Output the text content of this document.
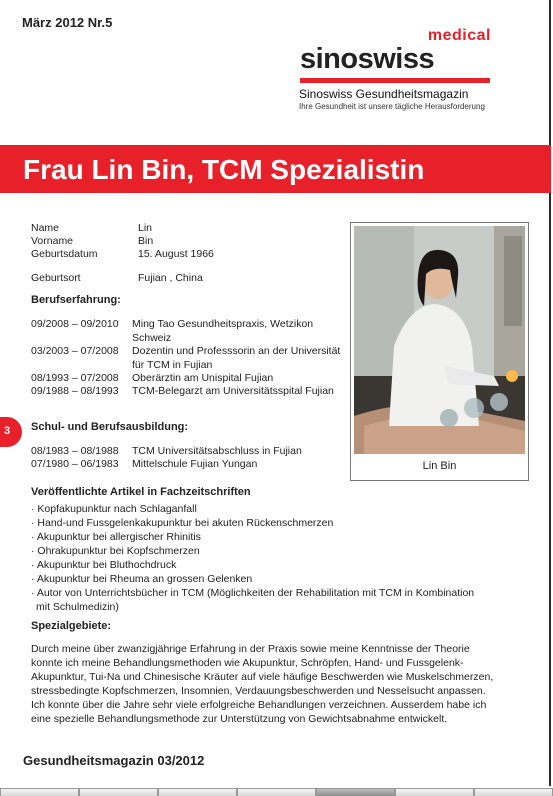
März 2012 Nr.5
medical
sinoswiss
Sinoswiss Gesundheitsmagazin
Ihre Gesundheit ist unsere tägliche Herausforderung
Frau Lin Bin, TCM Spezialistin
Name	Lin
Vorname	Bin
Geburtsdatum	15. August 1966
Geburtsort	Fujian , China
Berufserfahrung:
09/2008 – 09/2010 Ming Tao Gesundheitspraxis, Wetzikon Schweiz
03/2003 – 07/2008 Dozentin und Professsorin an der Universität für TCM in Fujian
08/1993 – 07/2008 Oberärztin am Unispital Fujian
09/1988 – 08/1993 TCM-Belegarzt am Universitätsspital Fujian
3 Schul- und Berufsausbildung:
08/1983 – 08/1988 TCM Universitätsabschluss in Fujian
07/1980 – 06/1983 Mittelschule Fujian Yungan	Lin Bin
Veröffentlichte Artikel in Fachzeitschriften
· Kopfakupunktur nach Schlaganfall
· Hand-und Fussgelenkakupunktur bei akuten Rückenschmerzen
· Akupunktur bei allergischer Rhinitis
· Ohrakupunktur bei Kopfschmerzen
· Akupunktur bei Bluthochdruck
· Akupunktur bei Rheuma an grossen Gelenken
· Autor von Unterrichtsbücher in TCM (Möglichkeiten der Rehabilitation mit TCM in Kombination
mit Schulmedizin)
Spezialgebiete:
Durch meine über zwanzigjährige Erfahrung in der Praxis sowie meine Kenntnisse der Theorie
konnte ich meine Behandlungsmethoden wie Akupunktur, Schröpfen, Hand- und Fussgelenk-
Akupunktur, Tui-Na und Chinesische Kräuter auf viele häufige Beschwerden wie Muskelschmerzen,
stressbedingte Kopfschmerzen, Insomnien, Verdauungsbeschwerden und Nesselsucht anpassen.
Ich konnte über die Jahre sehr viele erfolgreiche Behandlungen verzeichnen. Ausserdem habe ich
eine spezielle Behandlungsmethode zur Unterstützung von Gewichtsabnahme entwickelt.
Gesundheitsmagazin 03/2012
